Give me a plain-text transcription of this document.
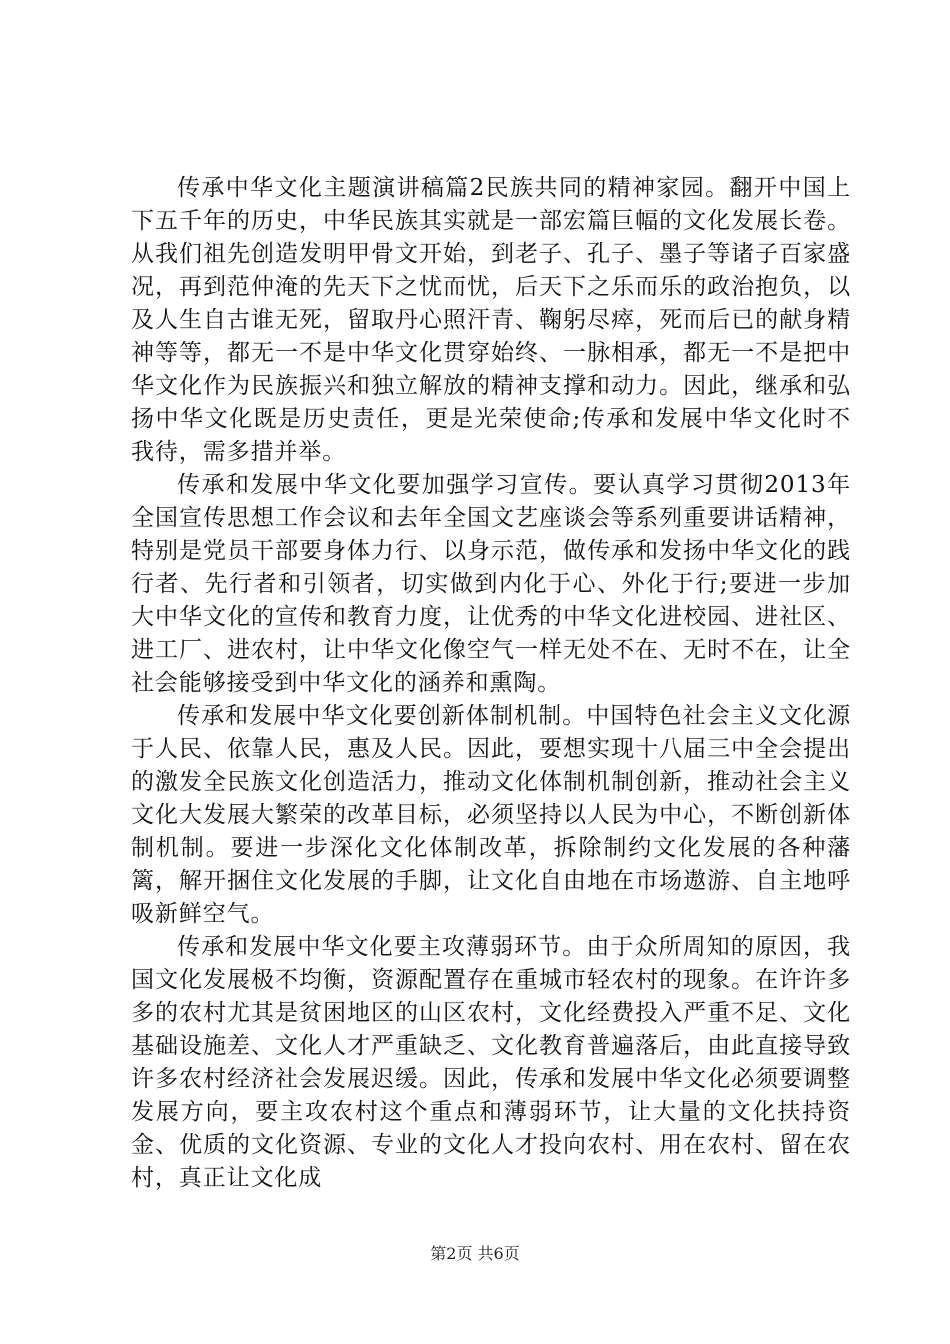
传承中华文化主题演讲稿篇2民族共同的精神家园。翻开中国上下五千年的历史，中华民族其实就是一部宏篇巨幅的文化发展长卷。从我们祖先创造发明甲骨文开始，到老子、孔子、墨子等诸子百家盛况，再到范仲淹的先天下之忧而忧，后天下之乐而乐的政治抱负，以及人生自古谁无死，留取丹心照汗青、鞠躬尽瘁，死而后已的献身精神等等，都无一不是中华文化贯穿始终、一脉相承，都无一不是把中华文化作为民族振兴和独立解放的精神支撑和动力。因此，继承和弘扬中华文化既是历史责任，更是光荣使命;传承和发展中华文化时不我待，需多措并举。

传承和发展中华文化要加强学习宣传。要认真学习贯彻2013年全国宣传思想工作会议和去年全国文艺座谈会等系列重要讲话精神，特别是党员干部要身体力行、以身示范，做传承和发扬中华文化的践行者、先行者和引领者，切实做到内化于心、外化于行;要进一步加大中华文化的宣传和教育力度，让优秀的中华文化进校园、进社区、进工厂、进农村，让中华文化像空气一样无处不在、无时不在，让全社会能够接受到中华文化的涵养和熏陶。

传承和发展中华文化要创新体制机制。中国特色社会主义文化源于人民、依靠人民，惠及人民。因此，要想实现十八届三中全会提出的激发全民族文化创造活力，推动文化体制机制创新，推动社会主义文化大发展大繁荣的改革目标，必须坚持以人民为中心，不断创新体制机制。要进一步深化文化体制改革，拆除制约文化发展的各种藩篱，解开捆住文化发展的手脚，让文化自由地在市场遨游、自主地呼吸新鲜空气。

传承和发展中华文化要主攻薄弱环节。由于众所周知的原因，我国文化发展极不均衡，资源配置存在重城市轻农村的现象。在许许多多的农村尤其是贫困地区的山区农村，文化经费投入严重不足、文化基础设施差、文化人才严重缺乏、文化教育普遍落后，由此直接导致许多农村经济社会发展迟缓。因此，传承和发展中华文化必须要调整发展方向，要主攻农村这个重点和薄弱环节，让大量的文化扶持资金、优质的文化资源、专业的文化人才投向农村、用在农村、留在农村，真正让文化成

第2页 共6页
